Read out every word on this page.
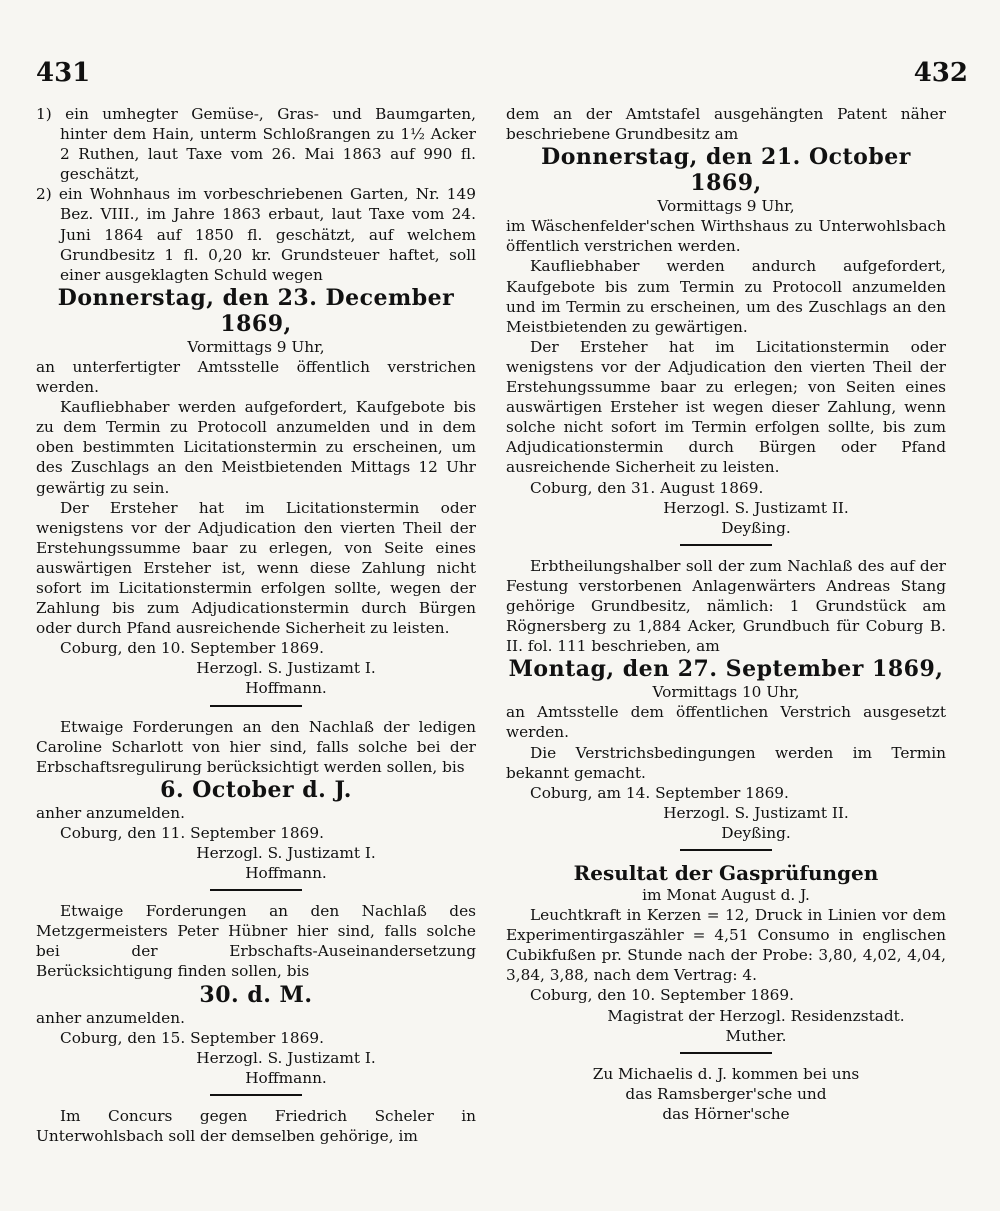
431	432

1) ein umhegter Gemüse-, Gras- und Baumgarten, hinter dem Hain, unterm Schloßrangen zu 1½ Acker 2 Ruthen, laut Taxe vom 26. Mai 1863 auf 990 fl. geschätzt,

2) ein Wohnhaus im vorbeschriebenen Garten, Nr. 149 Bez. VIII., im Jahre 1863 erbaut, laut Taxe vom 24. Juni 1864 auf 1850 fl. geschätzt, auf welchem Grundbesitz 1 fl. 0,20 kr. Grundsteuer haftet, soll einer ausgeklagten Schuld wegen

Donnerstag, den 23. December 1869,
Vormittags 9 Uhr,

an unterfertigter Amtsstelle öffentlich verstrichen werden.

Kaufliebhaber werden aufgefordert, Kaufgebote bis zu dem Termin zu Protocoll anzumelden und in dem oben bestimmten Licitationstermin zu erscheinen, um des Zuschlags an den Meistbietenden Mittags 12 Uhr gewärtig zu sein.

Der Ersteher hat im Licitationstermin oder wenigstens vor der Adjudication den vierten Theil der Erstehungssumme baar zu erlegen, von Seite eines auswärtigen Ersteher ist, wenn diese Zahlung nicht sofort im Licitationstermin erfolgen sollte, wegen der Zahlung bis zum Adjudicationstermin durch Bürgen oder durch Pfand ausreichende Sicherheit zu leisten.

Coburg, den 10. September 1869.

Herzogl. S. Justizamt I.
Hoffmann.

Etwaige Forderungen an den Nachlaß der ledigen Caroline Scharlott von hier sind, falls solche bei der Erbschaftsregulirung berücksichtigt werden sollen, bis

6. October d. J.

anher anzumelden.

Coburg, den 11. September 1869.

Herzogl. S. Justizamt I.
Hoffmann.

Etwaige Forderungen an den Nachlaß des Metzgermeisters Peter Hübner hier sind, falls solche bei der Erbschafts-Auseinandersetzung Berücksichtigung finden sollen, bis

30. d. M.

anher anzumelden.

Coburg, den 15. September 1869.

Herzogl. S. Justizamt I.
Hoffmann.

Im Concurs gegen Friedrich Scheler in Unterwohlsbach soll der demselben gehörige, im

dem an der Amtstafel ausgehängten Patent näher beschriebene Grundbesitz am

Donnerstag, den 21. October 1869,
Vormittags 9 Uhr,

im Wäschenfelder'schen Wirthshaus zu Unterwohlsbach öffentlich verstrichen werden.

Kaufliebhaber werden andurch aufgefordert, Kaufgebote bis zum Termin zu Protocoll anzumelden und im Termin zu erscheinen, um des Zuschlags an den Meistbietenden zu gewärtigen.

Der Ersteher hat im Licitationstermin oder wenigstens vor der Adjudication den vierten Theil der Erstehungssumme baar zu erlegen; von Seiten eines auswärtigen Ersteher ist wegen dieser Zahlung, wenn solche nicht sofort im Termin erfolgen sollte, bis zum Adjudicationstermin durch Bürgen oder Pfand ausreichende Sicherheit zu leisten.

Coburg, den 31. August 1869.

Herzogl. S. Justizamt II.
Deyßing.

Erbtheilungshalber soll der zum Nachlaß des auf der Festung verstorbenen Anlagenwärters Andreas Stang gehörige Grundbesitz, nämlich: 1 Grundstück am Rögnersberg zu 1,884 Acker, Grundbuch für Coburg B. II. fol. 111 beschrieben, am

Montag, den 27. September 1869,
Vormittags 10 Uhr,

an Amtsstelle dem öffentlichen Verstrich ausgesetzt werden.

Die Verstrichsbedingungen werden im Termin bekannt gemacht.

Coburg, am 14. September 1869.

Herzogl. S. Justizamt II.
Deyßing.
Resultat der Gasprüfungen
im Monat August d. J.

Leuchtkraft in Kerzen = 12, Druck in Linien vor dem Experimentirgaszähler = 4,51 Consumo in englischen Cubikfußen pr. Stunde nach der Probe: 3,80, 4,02, 4,04, 3,84, 3,88, nach dem Vertrag: 4.

Coburg, den 10. September 1869.

Magistrat der Herzogl. Residenzstadt.
Muther.
Zu Michaelis d. J. kommen bei uns
das Ramsberger'sche und
das Hörner'sche
